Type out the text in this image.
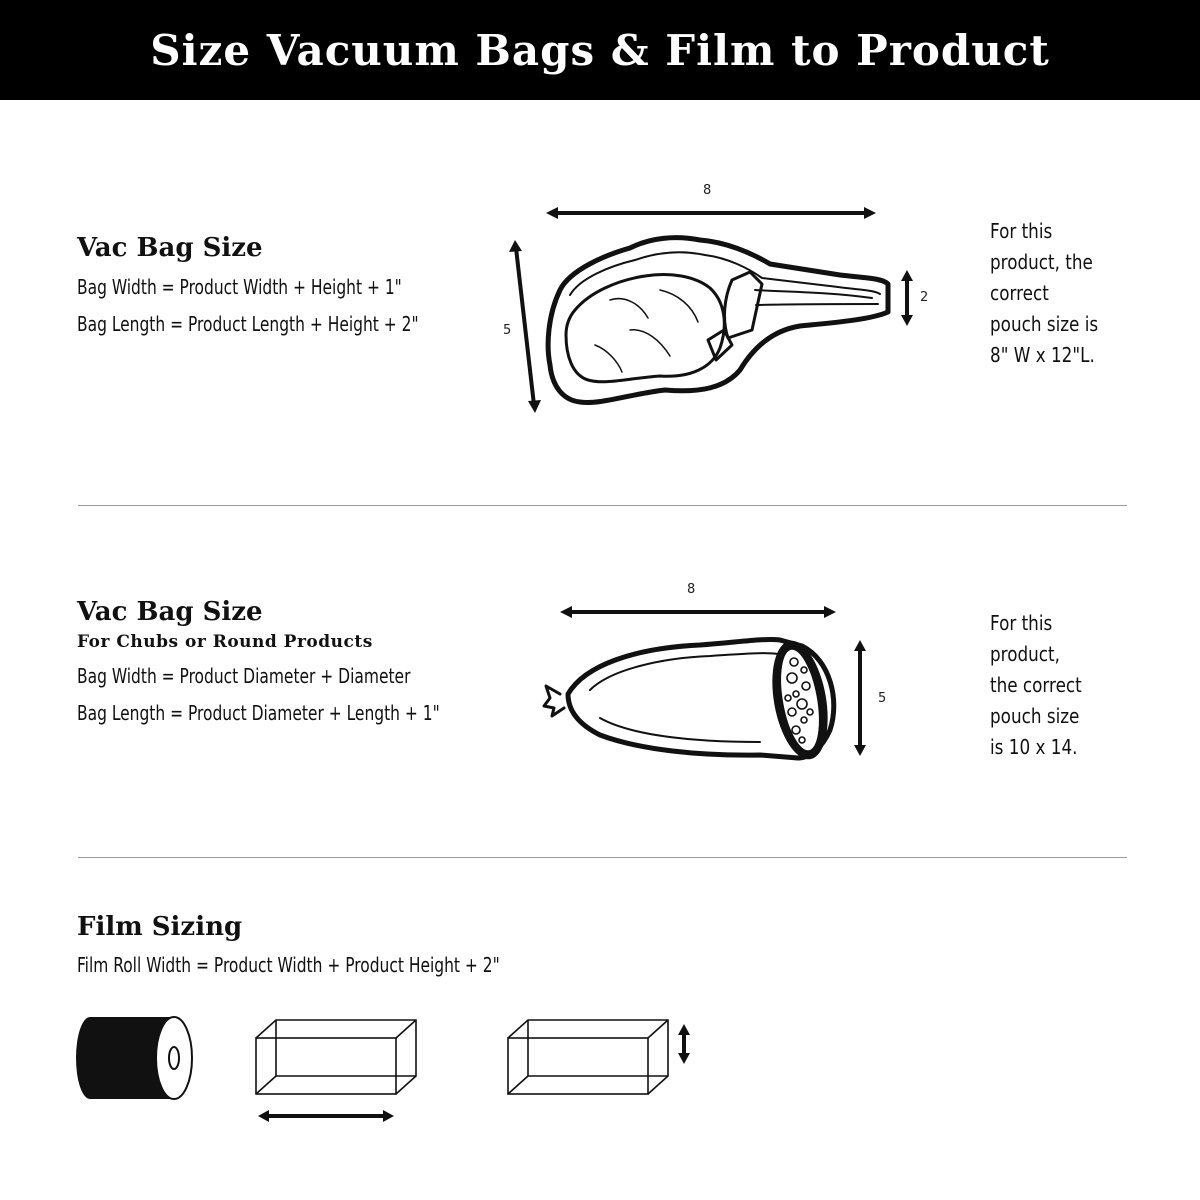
Size Vacuum Bags & Film to Product
Vac Bag Size
Bag Width = Product Width + Height + 1"
Bag Length = Product Length + Height + 2"
8
5
2
For this
product, the
correct
pouch size is
8" W x 12"L.
Vac Bag Size
For Chubs or Round Products
Bag Width = Product Diameter + Diameter
Bag Length = Product Diameter + Length + 1"
8
5
For this
product,
the correct
pouch size
is 10 x 14.
Film Sizing
Film Roll Width = Product Width + Product Height + 2"
